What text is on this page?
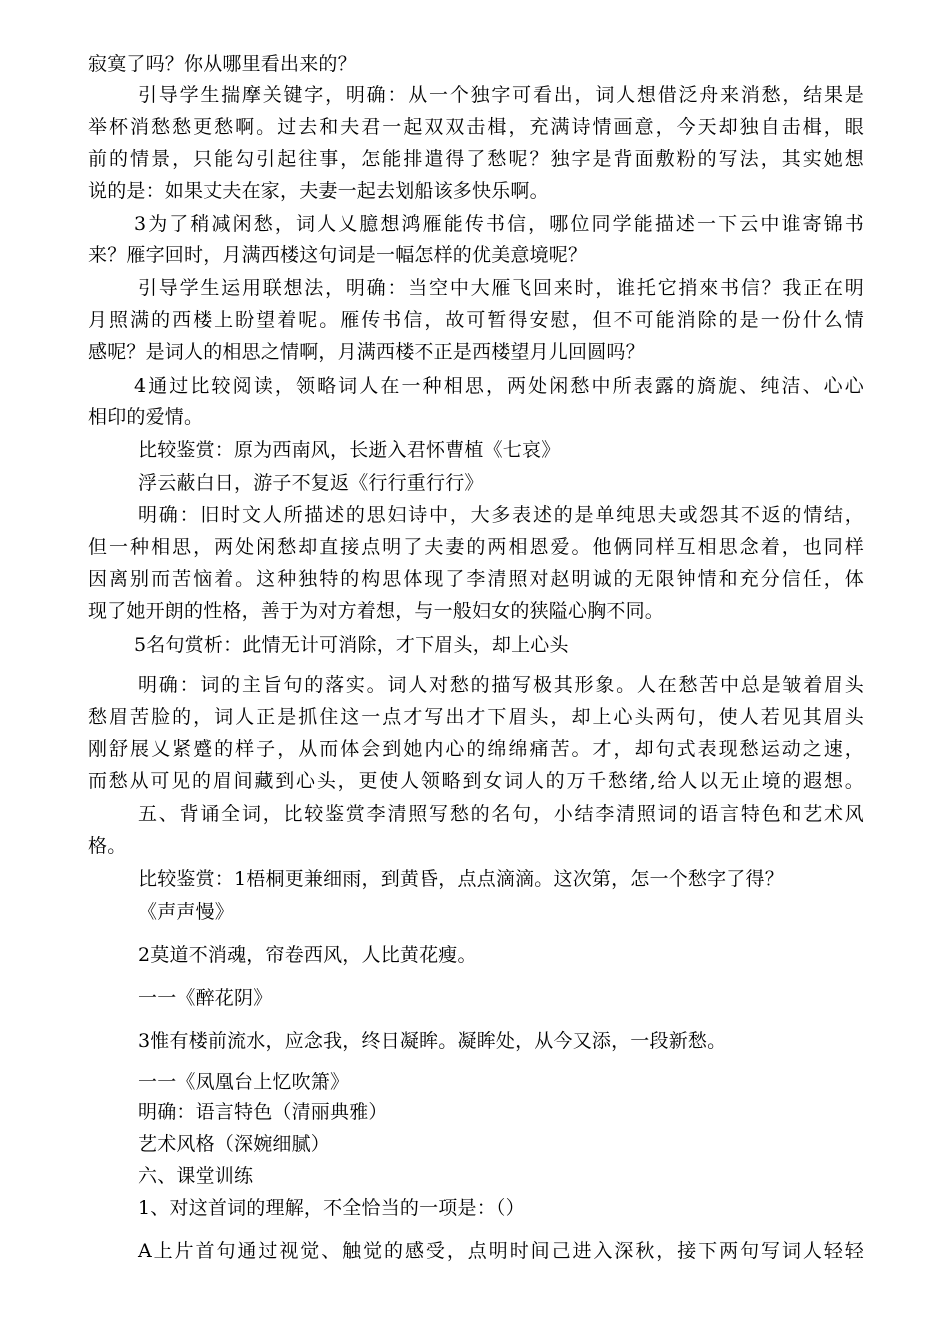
寂寞了吗？你从哪里看出来的？
引导学生揣摩关键字，明确：从一个独字可看出，词人想借泛舟来消愁，结果是
举杯消愁愁更愁啊。过去和夫君一起双双击楫，充满诗情画意，今天却独自击楫，眼
前的情景，只能勾引起往事，怎能排遣得了愁呢？独字是背面敷粉的写法，其实她想
说的是：如果丈夫在家，夫妻一起去划船该多快乐啊。
3为了稍减闲愁，词人乂臆想鸿雁能传书信，哪位同学能描述一下云中谁寄锦书
来？雁字回时，月满西楼这句词是一幅怎样的优美意境呢？
引导学生运用联想法，明确：当空中大雁飞回来时，谁托它捎來书信？我正在明
月照满的西楼上盼望着呢。雁传书信，故可暂得安慰，但不可能消除的是一份什么情
感呢？是词人的相思之情啊，月满西楼不正是西楼望月儿回圆吗？
4通过比较阅读，领略词人在一种相思，两处闲愁中所表露的旖旎、纯洁、心心
相印的爱情。
比较鉴赏：原为西南风，长逝入君怀曹植《七哀》
浮云蔽白日，游子不复返《行行重行行》
明确：旧时文人所描述的思妇诗中，大多表述的是单纯思夫或怨其不返的情结，
但一种相思，两处闲愁却直接点明了夫妻的两相恩爱。他俩同样互相思念着，也同样
因离别而苦恼着。这种独特的构思体现了李清照对赵明诚的无限钟情和充分信任，体
现了她开朗的性格，善于为对方着想，与一般妇女的狭隘心胸不同。
5名句赏析：此情无计可消除，才下眉头，却上心头
明确：词的主旨句的落实。词人对愁的描写极其形象。人在愁苦中总是皱着眉头
愁眉苦脸的，词人正是抓住这一点才写出才下眉头，却上心头两句，使人若见其眉头
刚舒展乂紧蹙的样子，从而体会到她内心的绵绵痛苦。才，却句式表现愁运动之速，
而愁从可见的眉间藏到心头，更使人领略到女词人的万千愁绪,给人以无止境的遐想。
五、背诵全词，比较鉴赏李清照写愁的名句，小结李清照词的语言特色和艺术风
格。
比较鉴赏：1梧桐更兼细雨，到黄昏，点点滴滴。这次第，怎一个愁字了得？
《声声慢》
2莫道不消魂，帘卷西风，人比黄花瘦。
一一《醉花阴》
3惟有楼前流水，应念我，终日凝眸。凝眸处，从今又添，一段新愁。
一一《凤凰台上忆吹箫》
明确：语言特色（清丽典雅）
艺术风格（深婉细腻）
六、课堂训练
1、对这首词的理解，不全恰当的一项是：（）
A上片首句通过视觉、触觉的感受，点明时间己进入深秋，接下两句写词人轻轻
